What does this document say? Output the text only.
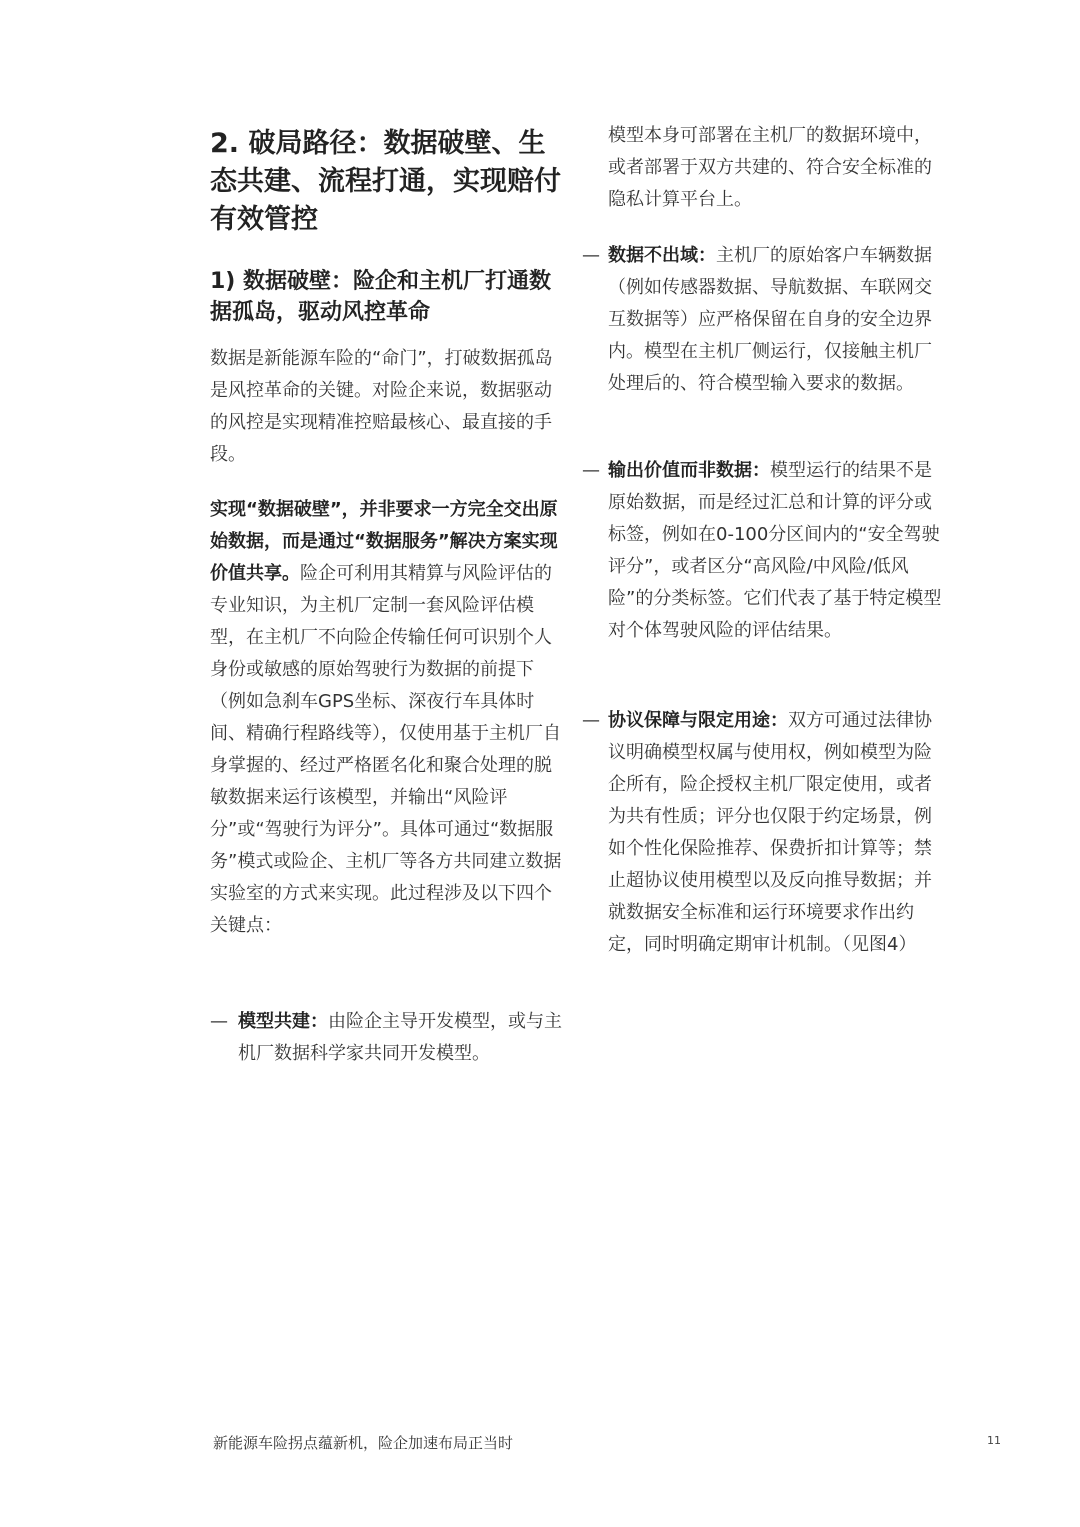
2. 破局路径：数据破壁、生态共建、流程打通，实现赔付有效管控
1) 数据破壁：险企和主机厂打通数据孤岛，驱动风控革命

数据是新能源车险的“命门”，打破数据孤岛是风控革命的关键。对险企来说，数据驱动的风控是实现精准控赔最核心、最直接的手段。

实现“数据破壁”，并非要求一方完全交出原始数据，而是通过“数据服务”解决方案实现价值共享。险企可利用其精算与风险评估的专业知识，为主机厂定制一套风险评估模型，在主机厂不向险企传输任何可识别个人身份或敏感的原始驾驶行为数据的前提下（例如急刹车GPS坐标、深夜行车具体时间、精确行程路线等），仅使用基于主机厂自身掌握的、经过严格匿名化和聚合处理的脱敏数据来运行该模型，并输出“风险评分”或“驾驶行为评分”。具体可通过“数据服务”模式或险企、主机厂等各方共同建立数据实验室的方式来实现。此过程涉及以下四个关键点：

— 模型共建：由险企主导开发模型，或与主机厂数据科学家共同开发模型。

模型本身可部署在主机厂的数据环境中，或者部署于双方共建的、符合安全标准的隐私计算平台上。

— 数据不出域：主机厂的原始客户车辆数据（例如传感器数据、导航数据、车联网交互数据等）应严格保留在自身的安全边界内。模型在主机厂侧运行，仅接触主机厂处理后的、符合模型输入要求的数据。
— 输出价值而非数据：模型运行的结果不是原始数据，而是经过汇总和计算的评分或标签，例如在0-100分区间内的“安全驾驶评分”，或者区分“高风险/中风险/低风险”的分类标签。它们代表了基于特定模型对个体驾驶风险的评估结果。
— 协议保障与限定用途：双方可通过法律协议明确模型权属与使用权，例如模型为险企所有，险企授权主机厂限定使用，或者为共有性质；评分也仅限于约定场景，例如个性化保险推荐、保费折扣计算等；禁止超协议使用模型以及反向推导数据；并就数据安全标准和运行环境要求作出约定，同时明确定期审计机制。（见图4）
新能源车险拐点蕴新机，险企加速布局正当时	11
